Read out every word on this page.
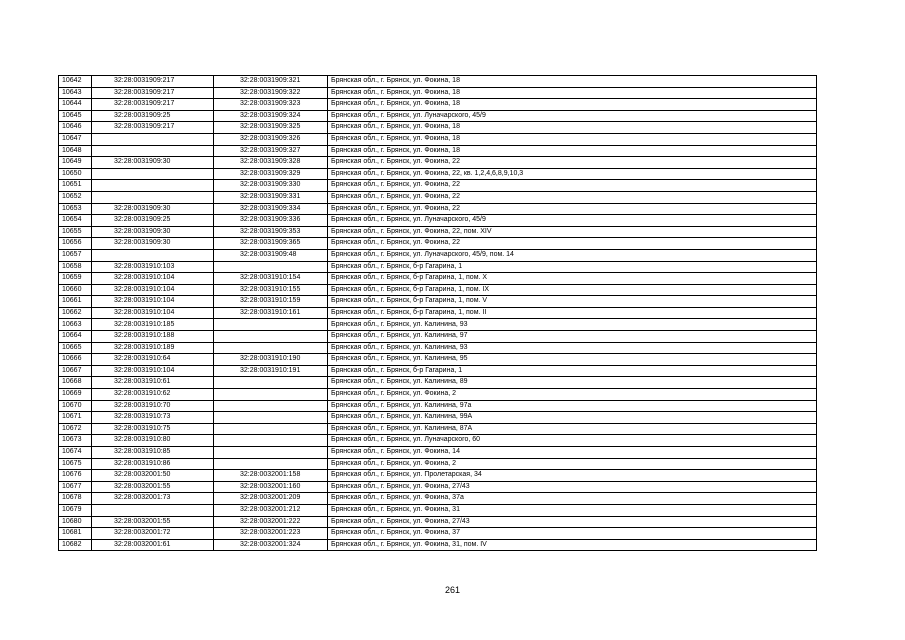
10642	32:28:0031909:217	32:28:0031909:321	Брянская обл., г. Брянск, ул. Фокина, 18
10643	32:28:0031909:217	32:28:0031909:322	Брянская обл., г. Брянск, ул. Фокина, 18
10644	32:28:0031909:217	32:28:0031909:323	Брянская обл., г. Брянск, ул. Фокина, 18
10645	32:28:0031909:25	32:28:0031909:324	Брянская обл., г. Брянск, ул. Луначарского, 45/9
10646	32:28:0031909:217	32:28:0031909:325	Брянская обл., г. Брянск, ул. Фокина, 18
10647		32:28:0031909:326	Брянская обл., г. Брянск, ул. Фокина, 18
10648		32:28:0031909:327	Брянская обл., г. Брянск, ул. Фокина, 18
10649	32:28:0031909:30	32:28:0031909:328	Брянская обл., г. Брянск, ул. Фокина, 22
10650		32:28:0031909:329	Брянская обл., г. Брянск, ул. Фокина, 22, кв. 1,2,4,6,8,9,10,3
10651		32:28:0031909:330	Брянская обл., г. Брянск, ул. Фокина, 22
10652		32:28:0031909:331	Брянская обл., г. Брянск, ул. Фокина, 22
10653	32:28:0031909:30	32:28:0031909:334	Брянская обл., г. Брянск, ул. Фокина, 22
10654	32:28:0031909:25	32:28:0031909:336	Брянская обл., г. Брянск, ул. Луначарского, 45/9
10655	32:28:0031909:30	32:28:0031909:353	Брянская обл., г. Брянск, ул. Фокина, 22, пом. XIV
10656	32:28:0031909:30	32:28:0031909:365	Брянская обл., г. Брянск, ул. Фокина, 22
10657		32:28:0031909:48	Брянская обл., г. Брянск, ул. Луначарского, 45/9, пом. 14
10658	32:28:0031910:103		Брянская обл., г. Брянск, б-р Гагарина, 1
10659	32:28:0031910:104	32:28:0031910:154	Брянская обл., г. Брянск, б-р Гагарина, 1, пом. X
10660	32:28:0031910:104	32:28:0031910:155	Брянская обл., г. Брянск, б-р Гагарина, 1, пом. IX
10661	32:28:0031910:104	32:28:0031910:159	Брянская обл., г. Брянск, б-р Гагарина, 1, пом. V
10662	32:28:0031910:104	32:28:0031910:161	Брянская обл., г. Брянск, б-р Гагарина, 1, пом. II
10663	32:28:0031910:185		Брянская обл., г. Брянск, ул. Калинина, 93
10664	32:28:0031910:188		Брянская обл., г. Брянск, ул. Калинина, 97
10665	32:28:0031910:189		Брянская обл., г. Брянск, ул. Калинина, 93
10666	32:28:0031910:64	32:28:0031910:190	Брянская обл., г. Брянск, ул. Калинина, 95
10667	32:28:0031910:104	32:28:0031910:191	Брянская обл., г. Брянск, б-р Гагарина, 1
10668	32:28:0031910:61		Брянская обл., г. Брянск, ул. Калинина, 89
10669	32:28:0031910:62		Брянская обл., г. Брянск, ул. Фокина, 2
10670	32:28:0031910:70		Брянская обл., г. Брянск, ул. Калинина, 97а
10671	32:28:0031910:73		Брянская обл., г. Брянск, ул. Калинина, 99А
10672	32:28:0031910:75		Брянская обл., г. Брянск, ул. Калинина, 87А
10673	32:28:0031910:80		Брянская обл., г. Брянск, ул. Луначарского, 60
10674	32:28:0031910:85		Брянская обл., г. Брянск, ул. Фокина, 14
10675	32:28:0031910:86		Брянская обл., г. Брянск, ул. Фокина, 2
10676	32:28:0032001:50	32:28:0032001:158	Брянская обл., г. Брянск, ул. Пролетарская, 34
10677	32:28:0032001:55	32:28:0032001:160	Брянская обл., г. Брянск, ул. Фокина, 27/43
10678	32:28:0032001:73	32:28:0032001:209	Брянская обл., г. Брянск, ул. Фокина, 37а
10679		32:28:0032001:212	Брянская обл., г. Брянск, ул. Фокина, 31
10680	32:28:0032001:55	32:28:0032001:222	Брянская обл., г. Брянск, ул. Фокина, 27/43
10681	32:28:0032001:72	32:28:0032001:223	Брянская обл., г. Брянск, ул. Фокина, 37
10682	32:28:0032001:61	32:28:0032001:324	Брянская обл., г. Брянск, ул. Фокина, 31, пом. IV
261
